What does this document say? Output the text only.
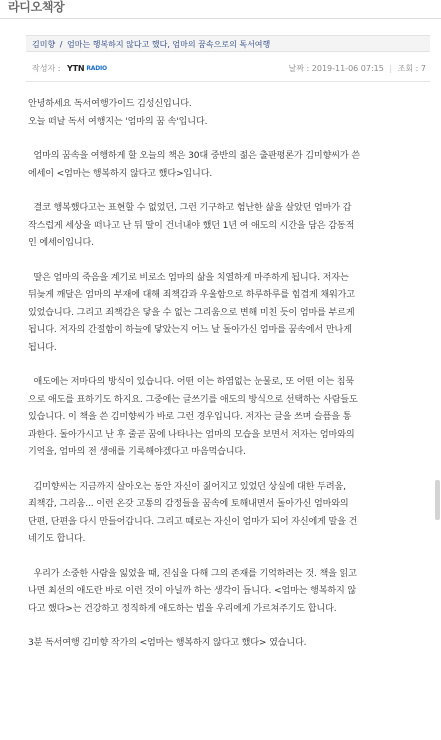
라디오책장
김미향 / 엄마는 행복하지 않다고 했다, 엄마의 꿈속으로의 독서여행
작성자 : YTN RADIO	날짜 : 2019-11-06 07:15 | 조회 : 7

안녕하세요 독서여행가이드 김성신입니다.
오늘 떠날 독서 여행지는 '엄마의 꿈 속'입니다.

엄마의 꿈속을 여행하게 할 오늘의 책은 30대 중반의 젊은 출판평론가 김미향씨가 쓴
에세이 <엄마는 행복하지 않다고 했다>입니다.

결코 행복했다고는 표현할 수 없었던, 그런 기구하고 험난한 삶을 살았던 엄마가 갑
작스럽게 세상을 떠나고 난 뒤 딸이 건너내야 했던 1년 여 애도의 시간을 담은 감동적
인 에세이입니다.

딸은 엄마의 죽음을 계기로 비로소 엄마의 삶을 치열하게 마주하게 됩니다. 저자는
뒤늦게 깨달은 엄마의 부재에 대해 죄책감과 우울함으로 하루하루를 힘겹게 채워가고
있었습니다. 그리고 죄책감은 닿을 수 없는 그리움으로 변해 미친 듯이 엄마를 부르게
됩니다. 저자의 간절함이 하늘에 닿았는지 어느 날 돌아가신 엄마를 꿈속에서 만나게
됩니다.

애도에는 저마다의 방식이 있습니다. 어떤 이는 하염없는 눈물로, 또 어떤 이는 침묵
으로 애도를 표하기도 하지요. 그중에는 글쓰기를 애도의 방식으로 선택하는 사람들도
있습니다. 이 책을 쓴 김미향씨가 바로 그런 경우입니다. 저자는 글을 쓰며 슬픔을 통
과한다. 돌아가시고 난 후 줄곧 꿈에 나타나는 엄마의 모습을 보면서 저자는 엄마와의
기억을, 엄마의 전 생애를 기록해야겠다고 마음먹습니다.

김미향씨는 지금까지 살아오는 동안 자신이 짊어지고 있었던 상실에 대한 두려움,
죄책감, 그리움... 이런 온갖 고통의 감정들을 꿈속에 토해내면서 돌아가신 엄마와의
단편, 단편을 다시 만들어갑니다. 그리고 때로는 자신이 엄마가 되어 자신에게 말을 건
네기도 합니다.

우리가 소중한 사람을 잃었을 때, 진심을 다해 그의 존재를 기억하려는 것. 책을 읽고
나면 최선의 애도란 바로 이런 것이 아닐까 하는 생각이 듭니다. <엄마는 행복하지 않
다고 했다>는 건강하고 정직하게 애도하는 법을 우리에게 가르쳐주기도 합니다.

3분 독서여행 김미향 작가의 <엄마는 행복하지 않다고 했다> 였습니다.
